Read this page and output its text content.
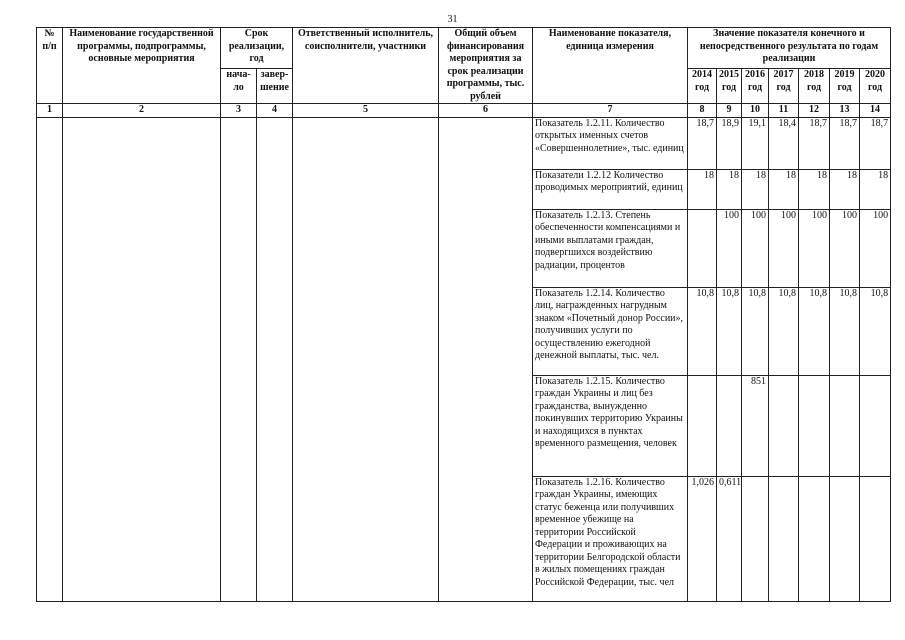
31
№ п/п	Наименование государственной программы, подпрограммы, основные мероприятия	Срок реализации, год		Ответственный исполнитель, соисполнители, участники	Общий объем финансирования мероприятия за срок реализации программы, тыс. рублей	Наименование показателя, единица измерения	Значение показателя конечного и непосредственного результата по годам реализации						
		нача-ло	завер-шение				2014 год	2015 год	2016 год	2017 год	2018 год	2019 год	2020 год
1	2	3	4	5	6	7	8	9	10	11	12	13	14
						Показатель 1.2.11. Количество открытых именных счетов «Совершеннолетние», тыс. единиц	18,7	18,9	19,1	18,4	18,7	18,7	18,7
						Показатели 1.2.12 Количество проводимых мероприятий, единиц	18	18	18	18	18	18	18
						Показатель 1.2.13. Степень обеспеченности компенсациями и иными выплатами граждан, подвергшихся воздействию радиации, процентов		100	100	100	100	100	100
						Показатель 1.2.14. Количество лиц, награжденных нагрудным знаком «Почетный донор России», получивших услуги по осуществлению ежегодной денежной выплаты, тыс. чел.	10,8	10,8	10,8	10,8	10,8	10,8	10,8
						Показатель 1.2.15. Количество граждан Украины и лиц без гражданства, вынужденно покинувших территорию Украины и находящихся в пунктах временного размещения, человек			851				
						Показатель 1.2.16. Количество граждан Украины, имеющих статус беженца или получивших временное убежище на территории Российской Федерации и проживающих на территории Белгородской области в жилых помещениях граждан Российской Федерации, тыс. чел	1,026	0,611					
